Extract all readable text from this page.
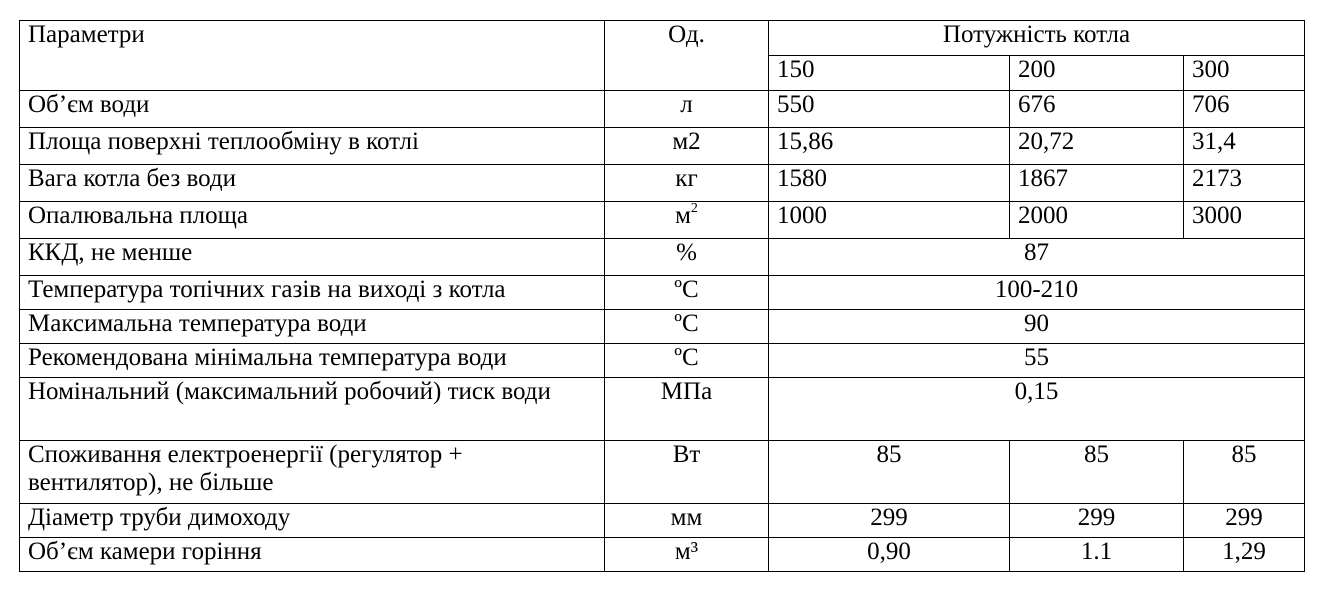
Параметри	Од.	Потужність котла		
		150	200	300
Об’єм води	л	550	676	706
Площа поверхні теплообміну в котлі	м2	15,86	20,72	31,4
Вага котла без води	кг	1580	1867	2173
Опалювальна площа	$м^2$	1000	2000	3000
ККД, не менше	%	87		
Температура топічних газів на виході з котла	ºС	100-210		
Максимальна температура води	ºС	90		
Рекомендована мінімальна температура води	ºС	55		
Номінальний (максимальний робочий) тиск води	МПа	0,15		
Споживання електроенергії (регулятор + вентилятор), не більше	Вт	85	85	85
Діаметр труби димоходу	мм	299	299	299
Об’єм камери горіння	м³	0,90	1.1	1,29
